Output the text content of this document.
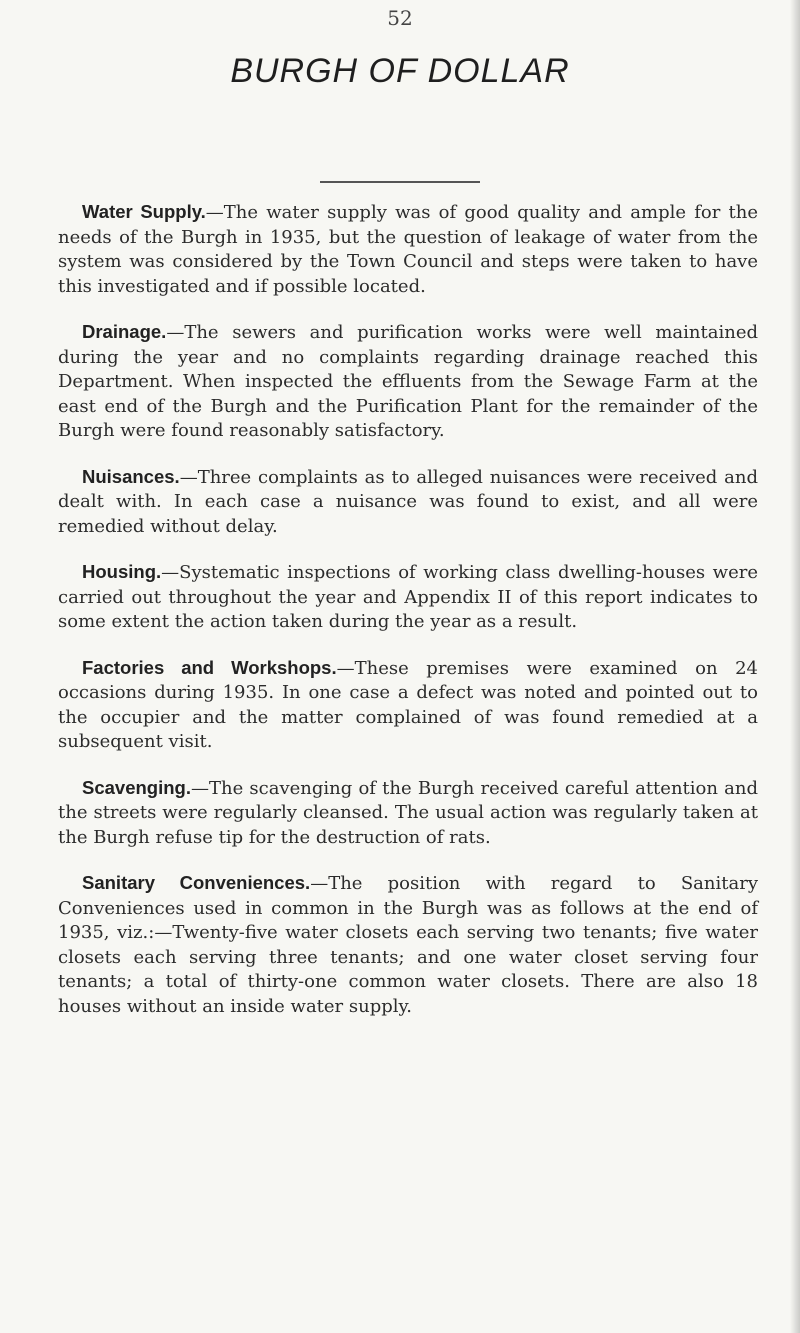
52
BURGH OF DOLLAR

Water Supply.—The water supply was of good quality and ample for the needs of the Burgh in 1935, but the question of leakage of water from the system was considered by the Town Council and steps were taken to have this investigated and if possible located.

Drainage.—The sewers and purification works were well maintained during the year and no complaints regarding drainage reached this Department. When inspected the effluents from the Sewage Farm at the east end of the Burgh and the Purification Plant for the remainder of the Burgh were found reasonably satisfactory.

Nuisances.—Three complaints as to alleged nuisances were received and dealt with. In each case a nuisance was found to exist, and all were remedied without delay.

Housing.—Systematic inspections of working class dwelling-houses were carried out throughout the year and Appendix II of this report indicates to some extent the action taken during the year as a result.

Factories and Workshops.—These premises were examined on 24 occasions during 1935. In one case a defect was noted and pointed out to the occupier and the matter complained of was found remedied at a subsequent visit.

Scavenging.—The scavenging of the Burgh received careful attention and the streets were regularly cleansed. The usual action was regularly taken at the Burgh refuse tip for the destruction of rats.

Sanitary Conveniences.—The position with regard to Sanitary Conveniences used in common in the Burgh was as follows at the end of 1935, viz.:—Twenty-five water closets each serving two tenants; five water closets each serving three tenants; and one water closet serving four tenants; a total of thirty-one common water closets. There are also 18 houses without an inside water supply.
